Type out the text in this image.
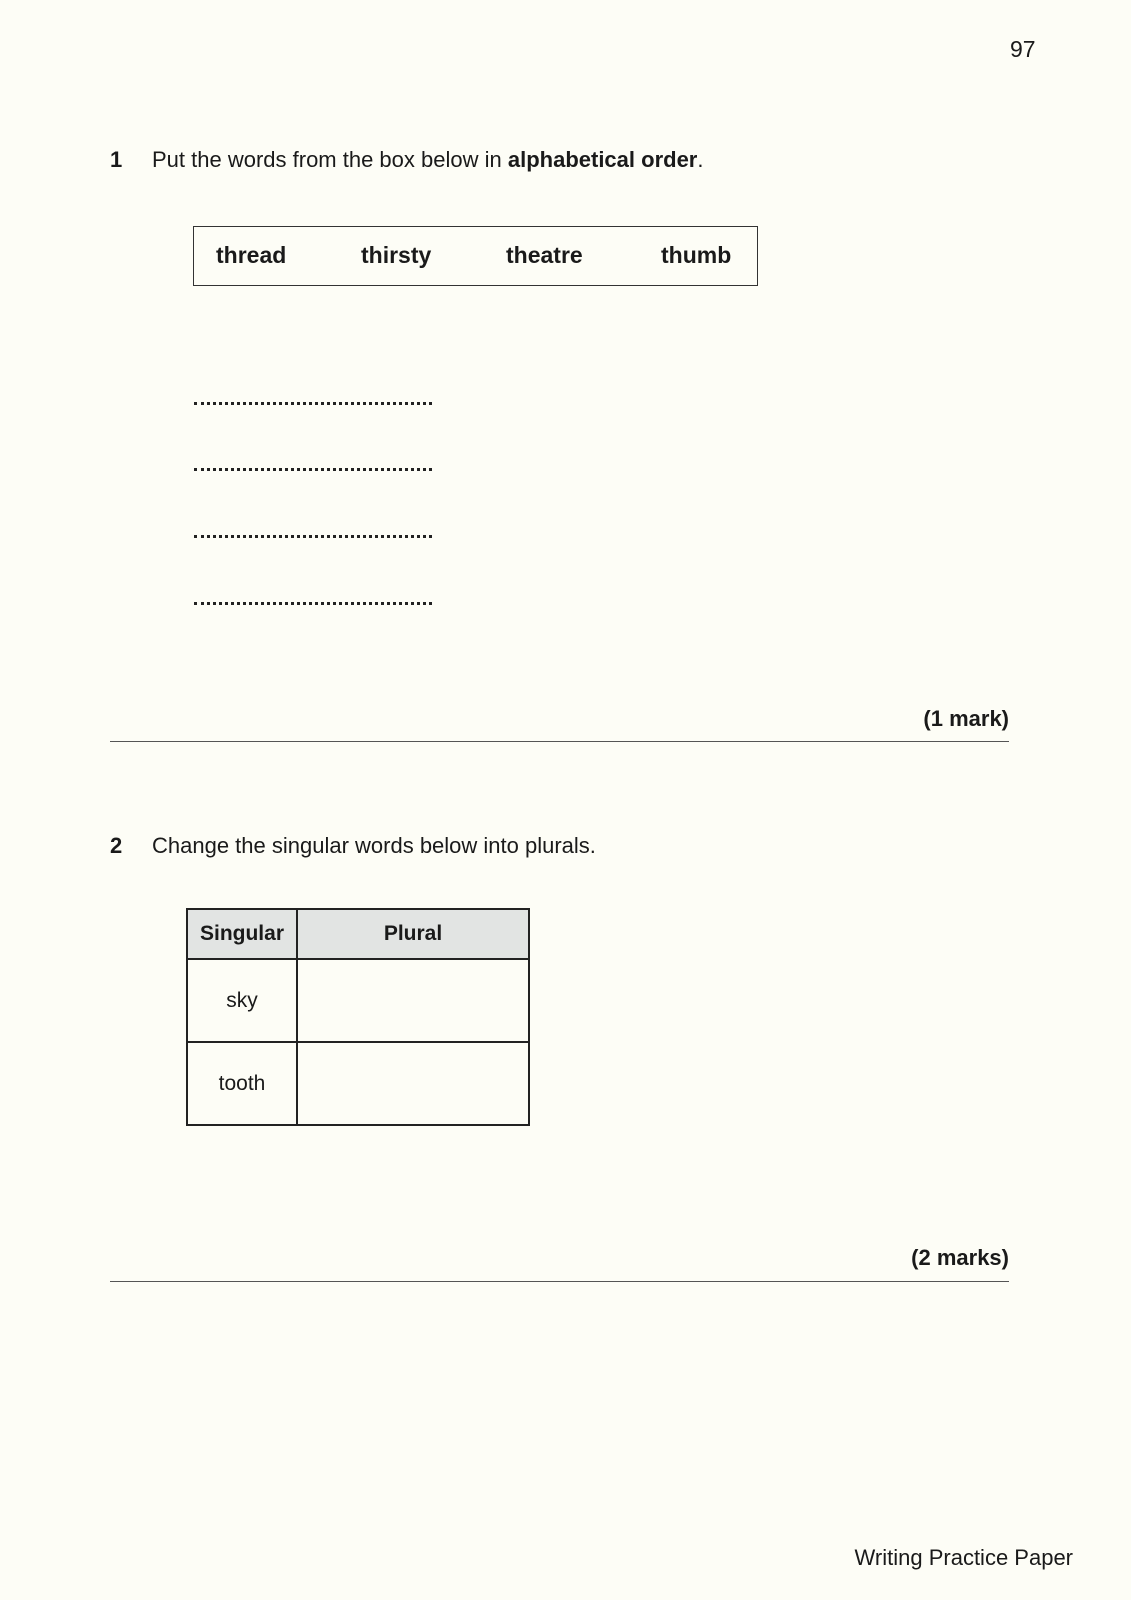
97
1 Put the words from the box below in alphabetical order.
thread	thirsty	theatre	thumb
(1 mark)
2 Change the singular words below into plurals.
Singular	Plural
sky	
tooth	
(2 marks)
Writing Practice Paper
